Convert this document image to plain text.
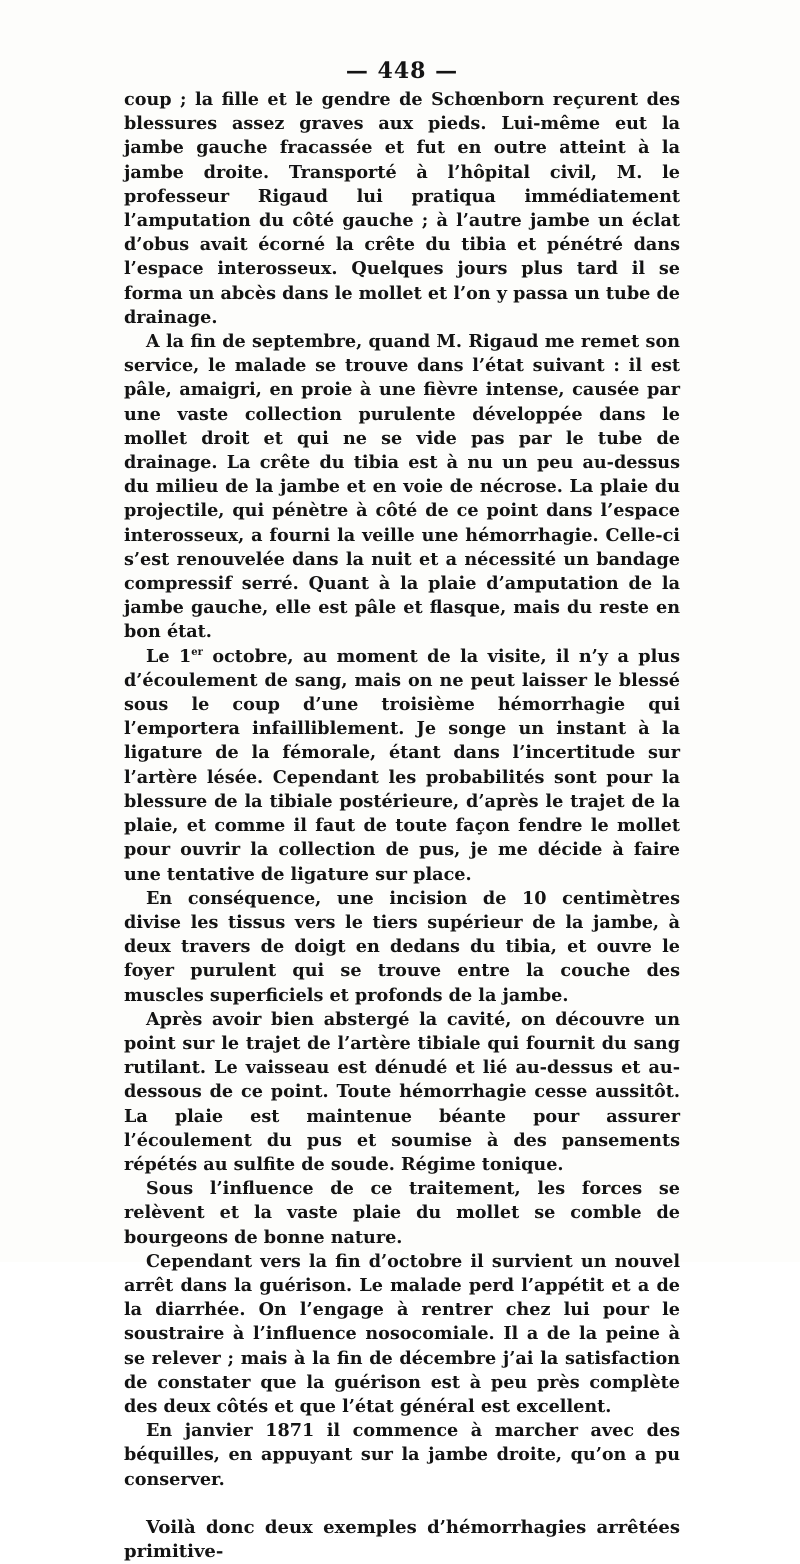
— 448 —

coup ; la fille et le gendre de Schœnborn reçurent des blessures assez graves aux pieds. Lui-même eut la jambe gauche fracassée et fut en outre atteint à la jambe droite. Transporté à l’hôpital civil, M. le professeur Rigaud lui pratiqua immédiatement l’amputation du côté gauche ; à l’autre jambe un éclat d’obus avait écorné la crête du tibia et pénétré dans l’espace interosseux. Quelques jours plus tard il se forma un abcès dans le mollet et l’on y passa un tube de drainage.

A la fin de septembre, quand M. Rigaud me remet son service, le malade se trouve dans l’état suivant : il est pâle, amaigri, en proie à une fièvre intense, causée par une vaste collection purulente développée dans le mollet droit et qui ne se vide pas par le tube de drainage. La crête du tibia est à nu un peu au-dessus du milieu de la jambe et en voie de nécrose. La plaie du projectile, qui pénètre à côté de ce point dans l’espace interosseux, a fourni la veille une hémorrhagie. Celle-ci s’est renouvelée dans la nuit et a nécessité un bandage compressif serré. Quant à la plaie d’amputation de la jambe gauche, elle est pâle et flasque, mais du reste en bon état.

Le 1er octobre, au moment de la visite, il n’y a plus d’écoulement de sang, mais on ne peut laisser le blessé sous le coup d’une troisième hémorrhagie qui l’emportera infailliblement. Je songe un instant à la ligature de la fémorale, étant dans l’incertitude sur l’artère lésée. Cependant les probabilités sont pour la blessure de la tibiale postérieure, d’après le trajet de la plaie, et comme il faut de toute façon fendre le mollet pour ouvrir la collection de pus, je me décide à faire une tentative de ligature sur place.

En conséquence, une incision de 10 centimètres divise les tissus vers le tiers supérieur de la jambe, à deux travers de doigt en dedans du tibia, et ouvre le foyer purulent qui se trouve entre la couche des muscles superficiels et profonds de la jambe.

Après avoir bien abstergé la cavité, on découvre un point sur le trajet de l’artère tibiale qui fournit du sang rutilant. Le vaisseau est dénudé et lié au-dessus et au-dessous de ce point. Toute hémorrhagie cesse aussitôt. La plaie est maintenue béante pour assurer l’écoulement du pus et soumise à des pansements répétés au sulfite de soude. Régime tonique.

Sous l’influence de ce traitement, les forces se relèvent et la vaste plaie du mollet se comble de bourgeons de bonne nature.

Cependant vers la fin d’octobre il survient un nouvel arrêt dans la guérison. Le malade perd l’appétit et a de la diarrhée. On l’engage à rentrer chez lui pour le soustraire à l’influence nosocomiale. Il a de la peine à se relever ; mais à la fin de décembre j’ai la satisfaction de constater que la guérison est à peu près complète des deux côtés et que l’état général est excellent.

En janvier 1871 il commence à marcher avec des béquilles, en appuyant sur la jambe droite, qu’on a pu conserver.

Voilà donc deux exemples d’hémorrhagies arrêtées primitive-
